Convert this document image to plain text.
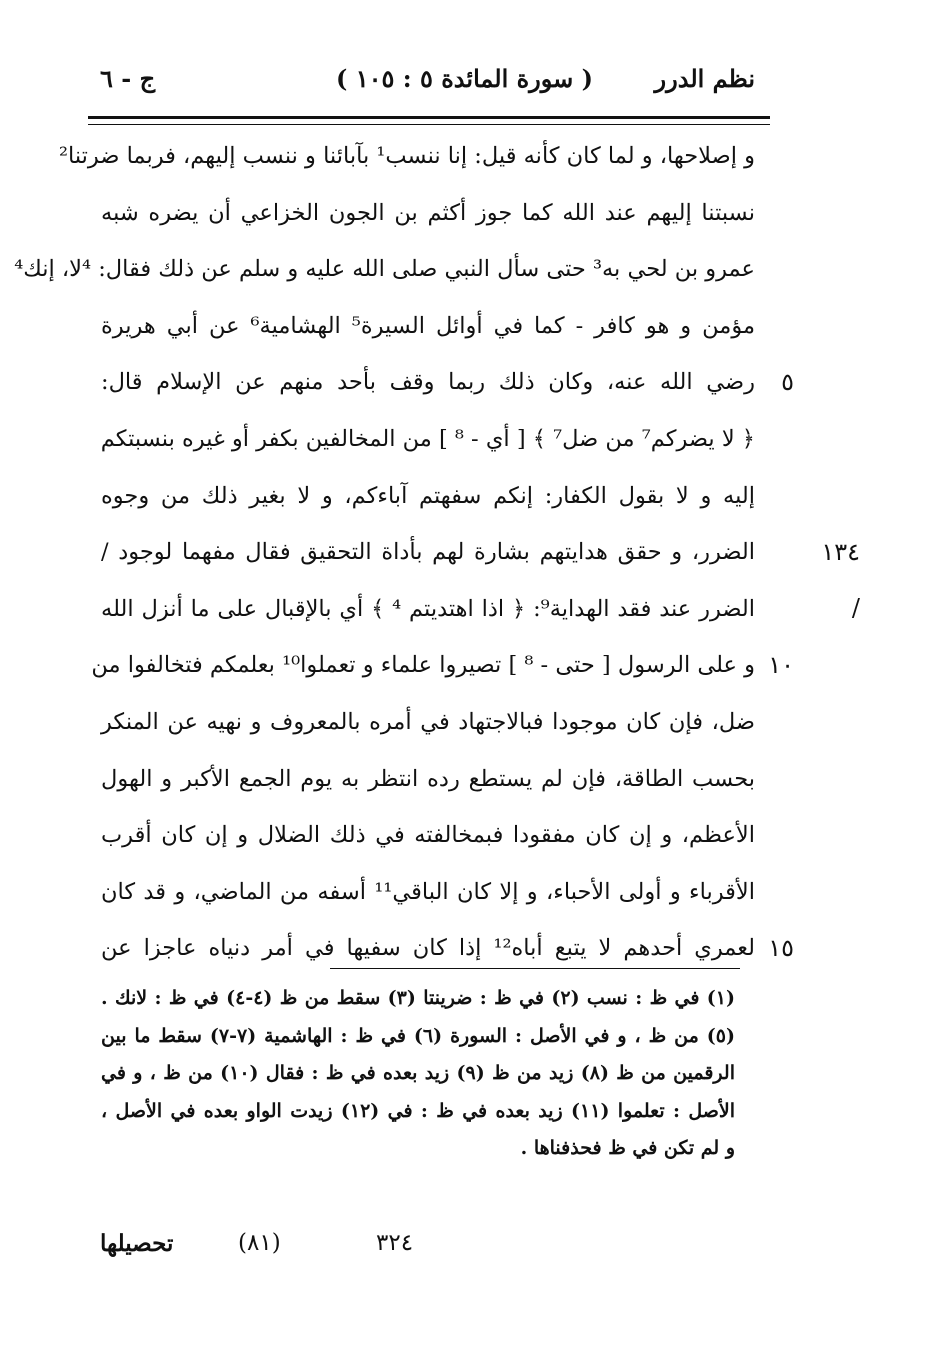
نظم الدرر
( سورة المائدة ٥ : ١٠٥ )
ج - ٦
و إصلاحها، و لما كان كأنه قيل: إنا ننسب¹ بآبائنا و ننسب إليهم، فربما ضرتنا²
نسبتنا إليهم عند الله كما جوز أكثم بن الجون الخزاعي أن يضره شبه
عمرو بن لحي به³ حتى سأل النبي صلى الله عليه و سلم عن ذلك فقال: ⁴لا، إنك⁴
مؤمن و هو كافر - كما في أوائل السيرة⁵ الهشامية⁶ عن أبي هريرة
رضي الله عنه، وكان ذلك ربما وقف بأحد منهم عن الإسلام قال:	٥
﴿ لا يضركم⁷ من ضل⁷ ﴾ [ أي - ⁸ ] من المخالفين بكفر أو غيره بنسبتكم
إليه و لا بقول الكفار: إنكم سفهتم آباءكم، و لا بغير ذلك من وجوه
الضرر، و حقق هدايتهم بشارة لهم بأداة التحقيق فقال مفهما لوجود /	١٣٤ /
الضرر عند فقد الهداية⁹: ﴿ اذا اهتديتم ⁴ ﴾ أي بالإقبال على ما أنزل الله
و على الرسول [ حتى - ⁸ ] تصيروا علماء و تعملوا¹⁰ بعلمكم فتخالفوا من ١٠
ضل، فإن كان موجودا فبالاجتهاد في أمره بالمعروف و نهيه عن المنكر
بحسب الطاقة، فإن لم يستطع رده انتظر به يوم الجمع الأكبر و الهول
الأعظم، و إن كان مفقودا فبمخالفته في ذلك الضلال و إن كان أقرب
الأقرباء و أولى الأحباء، و إلا كان الباقي¹¹ أسفه من الماضي، و قد كان
لعمري أحدهم لا يتبع أباه¹² إذا كان سفيها في أمر دنياه عاجزا عن ١٥
(١) في ظ : نسب (٢) في ظ : ضرينتا (٣) سقط من ظ (٤-٤) في ظ : لانك .
(٥) من ظ ، و في الأصل : السورة (٦) في ظ : الهاشمية (٧-٧) سقط ما بين
الرقمين من ظ (٨) زيد من ظ (٩) زيد بعده في ظ : فقال (١٠) من ظ ، و في
الأصل : تعلموا (١١) زيد بعده في ظ : في (١٢) زيدت الواو بعده في الأصل ،
و لم تكن في ظ فحذفناها .
٣٢٤
(٨١)
تحصيلها
